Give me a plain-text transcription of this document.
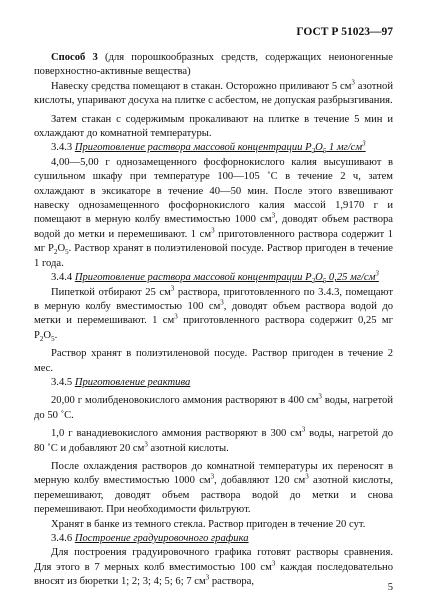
ГОСТ Р 51023—97

Способ 3 (для порошкообразных средств, содержащих неионогенные поверхностно-активные вещества)

Навеску средства помещают в стакан. Осторожно приливают 5 $см^3$ азотной кислоты, упаривают досуха на плитке с асбестом, не допуская разбрызгивания.

Затем стакан с содержимым прокаливают на плитке в течение 5 мин и охлаждают до комнатной температуры.

3.4.3 Приготовление раствора массовой концентрации $P_2O_5$ 1 $мг/см^3$

4,00—5,00 г однозамещенного фосфорнокислого калия высушивают в сушильном шкафу при температуре 100—105 ˚С в течение 2 ч, затем охлаждают в эксикаторе в течение 40—50 мин. После этого взвешивают навеску однозамещенного фосфорнокислого калия массой 1,9170 г и помещают в мерную колбу вместимостью 1000 $см^3$, доводят объем раствора водой до метки и перемешивают. 1 $см^3$ приготовленного раствора содержит 1 мг $P_2O_5$. Раствор хранят в полиэтиленовой посуде. Раствор пригоден в течение 1 года.

3.4.4 Приготовление раствора массовой концентрации $P_2O_5$ 0,25 $мг/см^3$

Пипеткой отбирают 25 $см^3$ раствора, приготовленного по 3.4.3, помещают в мерную колбу вместимостью 100 $см^3$, доводят объем раствора водой до метки и перемешивают. 1 $см^3$ приготовленного раствора содержит 0,25 мг $P_2O_5$.

Раствор хранят в полиэтиленовой посуде. Раствор пригоден в течение 2 мес.

3.4.5 Приготовление реактива

20,00 г молибденовокислого аммония растворяют в 400 $см^3$ воды, нагретой до 50 ˚С.

1,0 г ванадиевокислого аммония растворяют в 300 $см^3$ воды, нагретой до 80 ˚С и добавляют 20 $см^3$ азотной кислоты.

После охлаждения растворов до комнатной температуры их переносят в мерную колбу вместимостью 1000 $см^3$, добавляют 120 $см^3$ азотной кислоты, перемешивают, доводят объем раствора водой до метки и снова перемешивают. При необходимости фильтруют.

Хранят в банке из темного стекла. Раствор пригоден в течение 20 сут.

3.4.6 Построение градуировочного графика

Для построения градуировочного графика готовят растворы сравнения. Для этого в 7 мерных колб вместимостью 100 $см^3$ каждая последовательно вносят из бюретки 1; 2; 3; 4; 5; 6; 7 $см^3$ раствора,

5
